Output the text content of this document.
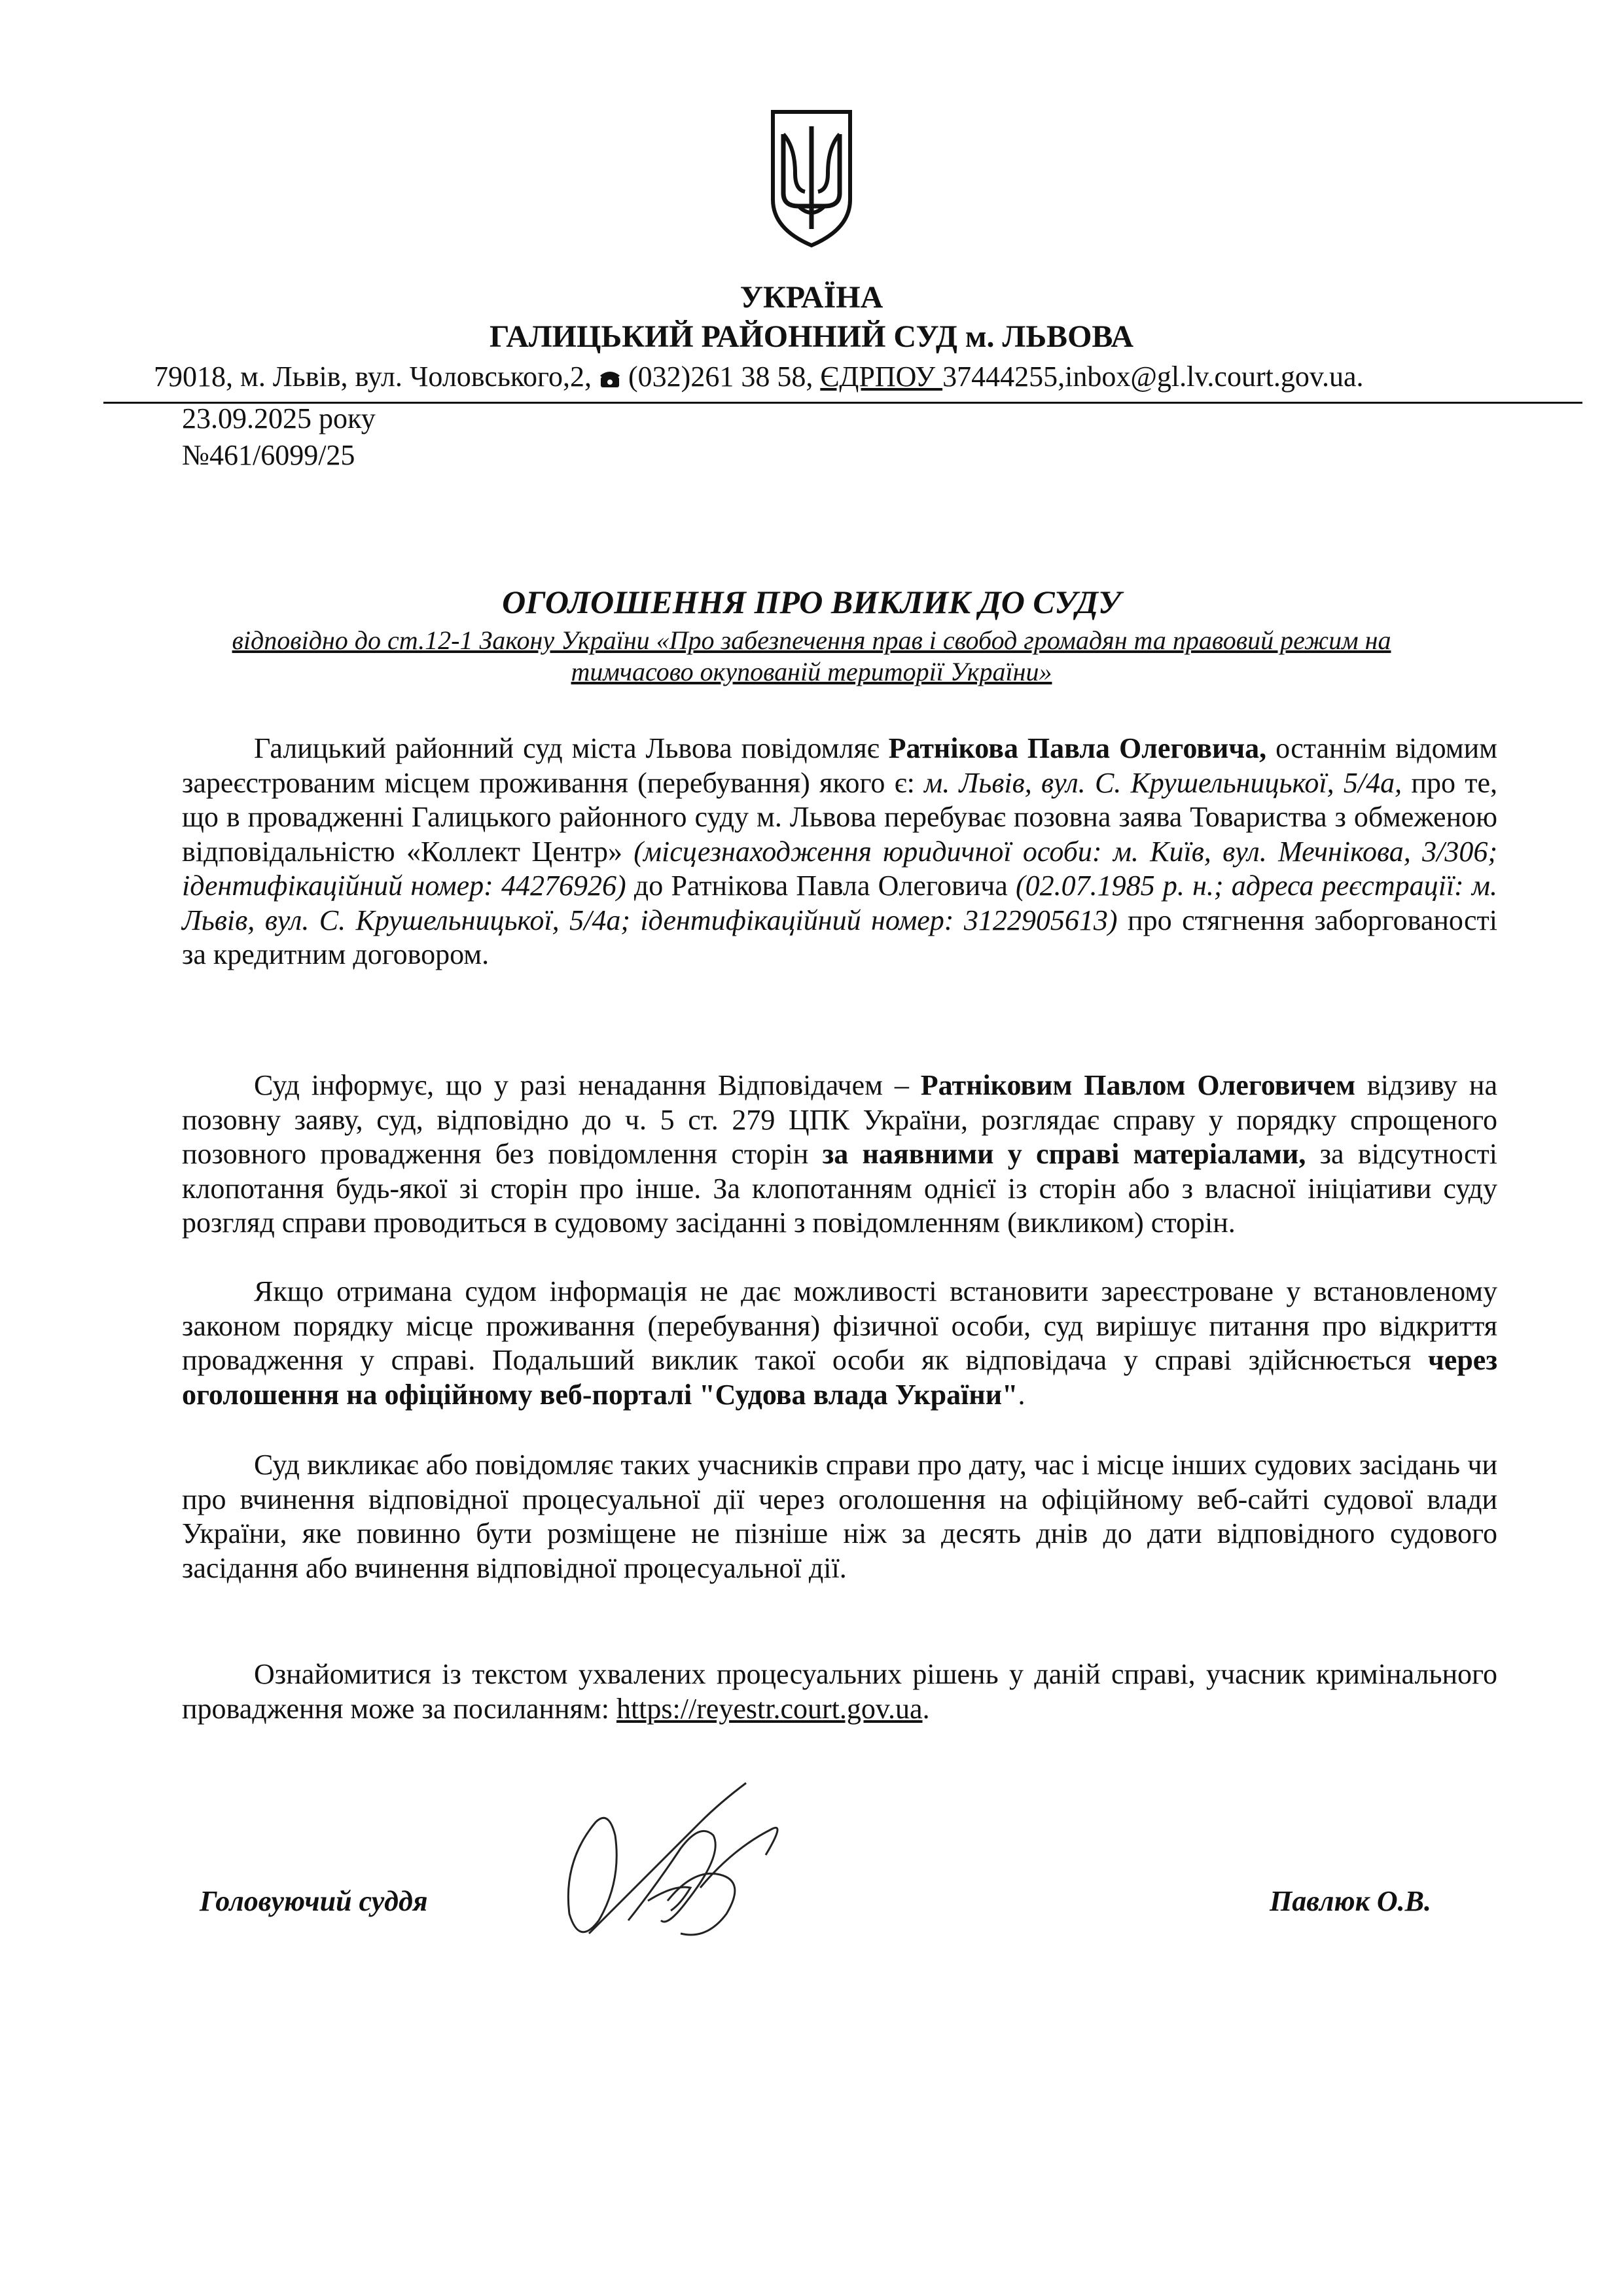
УКРАЇНА
ГАЛИЦЬКИЙ РАЙОННИЙ СУД м. ЛЬВОВА
79018, м. Львів, вул. Чоловського,2,  (032)261 38 58, ЄДРПОУ 37444255,inbox@gl.lv.court.gov.ua.
23.09.2025 року
№461/6099/25
ОГОЛОШЕННЯ ПРО ВИКЛИК ДО СУДУ
відповідно до ст.12-1 Закону України «Про забезпечення прав і свобод громадян та правовий режим на тимчасово окупованій території України»
Галицький районний суд міста Львова повідомляє Ратнікова Павла Олеговича, останнім відомим зареєстрованим місцем проживання (перебування) якого є: м. Львів, вул. С. Крушельницької, 5/4а, про те, що в провадженні Галицького районного суду м. Львова перебуває позовна заява Товариства з обмеженою відповідальністю «Коллект Центр» (місцезнаходження юридичної особи: м. Київ, вул. Мечнікова, 3/306; ідентифікаційний номер: 44276926) до Ратнікова Павла Олеговича (02.07.1985 р. н.; адреса реєстрації: м. Львів, вул. С. Крушельницької, 5/4а; ідентифікаційний номер: 3122905613) про стягнення заборгованості за кредитним договором.
Суд інформує, що у разі ненадання Відповідачем – Ратніковим Павлом Олеговичем відзиву на позовну заяву, суд, відповідно до ч. 5 ст. 279 ЦПК України, розглядає справу у порядку спрощеного позовного провадження без повідомлення сторін за наявними у справі матеріалами, за відсутності клопотання будь-якої зі сторін про інше. За клопотанням однієї із сторін або з власної ініціативи суду розгляд справи проводиться в судовому засіданні з повідомленням (викликом) сторін.
Якщо отримана судом інформація не дає можливості встановити зареєстроване у встановленому законом порядку місце проживання (перебування) фізичної особи, суд вирішує питання про відкриття провадження у справі. Подальший виклик такої особи як відповідача у справі здійснюється через оголошення на офіційному веб-порталі "Судова влада України".
Суд викликає або повідомляє таких учасників справи про дату, час і місце інших судових засідань чи про вчинення відповідної процесуальної дії через оголошення на офіційному веб-сайті судової влади України, яке повинно бути розміщене не пізніше ніж за десять днів до дати відповідного судового засідання або вчинення відповідної процесуальної дії.
Ознайомитися із текстом ухвалених процесуальних рішень у даній справі, учасник кримінального провадження може за посиланням: https://reyestr.court.gov.ua.
Головуючий суддя	Павлюк О.В.
